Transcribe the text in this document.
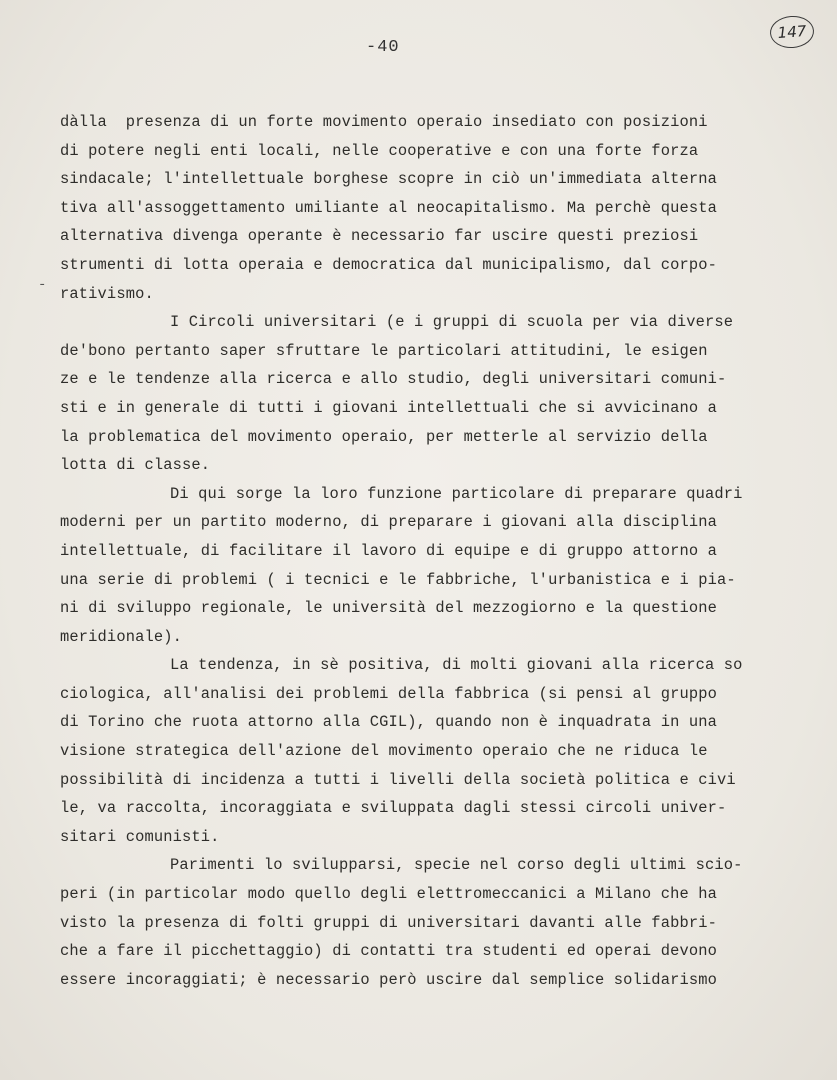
-40
147
-
dàlla  presenza di un forte movimento operaio insediato con posizioni
di potere negli enti locali, nelle cooperative e con una forte forza
sindacale; l'intellettuale borghese scopre in ciò un'immediata alterna
tiva all'assoggettamento umiliante al neocapitalismo. Ma perchè questa
alternativa divenga operante è necessario far uscire questi preziosi
strumenti di lotta operaia e democratica dal municipalismo, dal corpo-
rativismo.
I Circoli universitari (e i gruppi di scuola per via diverse
de'bono pertanto saper sfruttare le particolari attitudini, le esigen
ze e le tendenze alla ricerca e allo studio, degli universitari comuni-
sti e in generale di tutti i giovani intellettuali che si avvicinano a
la problematica del movimento operaio, per metterle al servizio della
lotta di classe.
Di qui sorge la loro funzione particolare di preparare quadri
moderni per un partito moderno, di preparare i giovani alla disciplina
intellettuale, di facilitare il lavoro di equipe e di gruppo attorno a
una serie di problemi ( i tecnici e le fabbriche, l'urbanistica e i pia-
ni di sviluppo regionale, le università del mezzogiorno e la questione
meridionale).
La tendenza, in sè positiva, di molti giovani alla ricerca so
ciologica, all'analisi dei problemi della fabbrica (si pensi al gruppo
di Torino che ruota attorno alla CGIL), quando non è inquadrata in una
visione strategica dell'azione del movimento operaio che ne riduca le
possibilità di incidenza a tutti i livelli della società politica e civi
le, va raccolta, incoraggiata e sviluppata dagli stessi circoli univer-
sitari comunisti.
Parimenti lo svilupparsi, specie nel corso degli ultimi scio-
peri (in particolar modo quello degli elettromeccanici a Milano che ha
visto la presenza di folti gruppi di universitari davanti alle fabbri-
che a fare il picchettaggio) di contatti tra studenti ed operai devono
essere incoraggiati; è necessario però uscire dal semplice solidarismo
